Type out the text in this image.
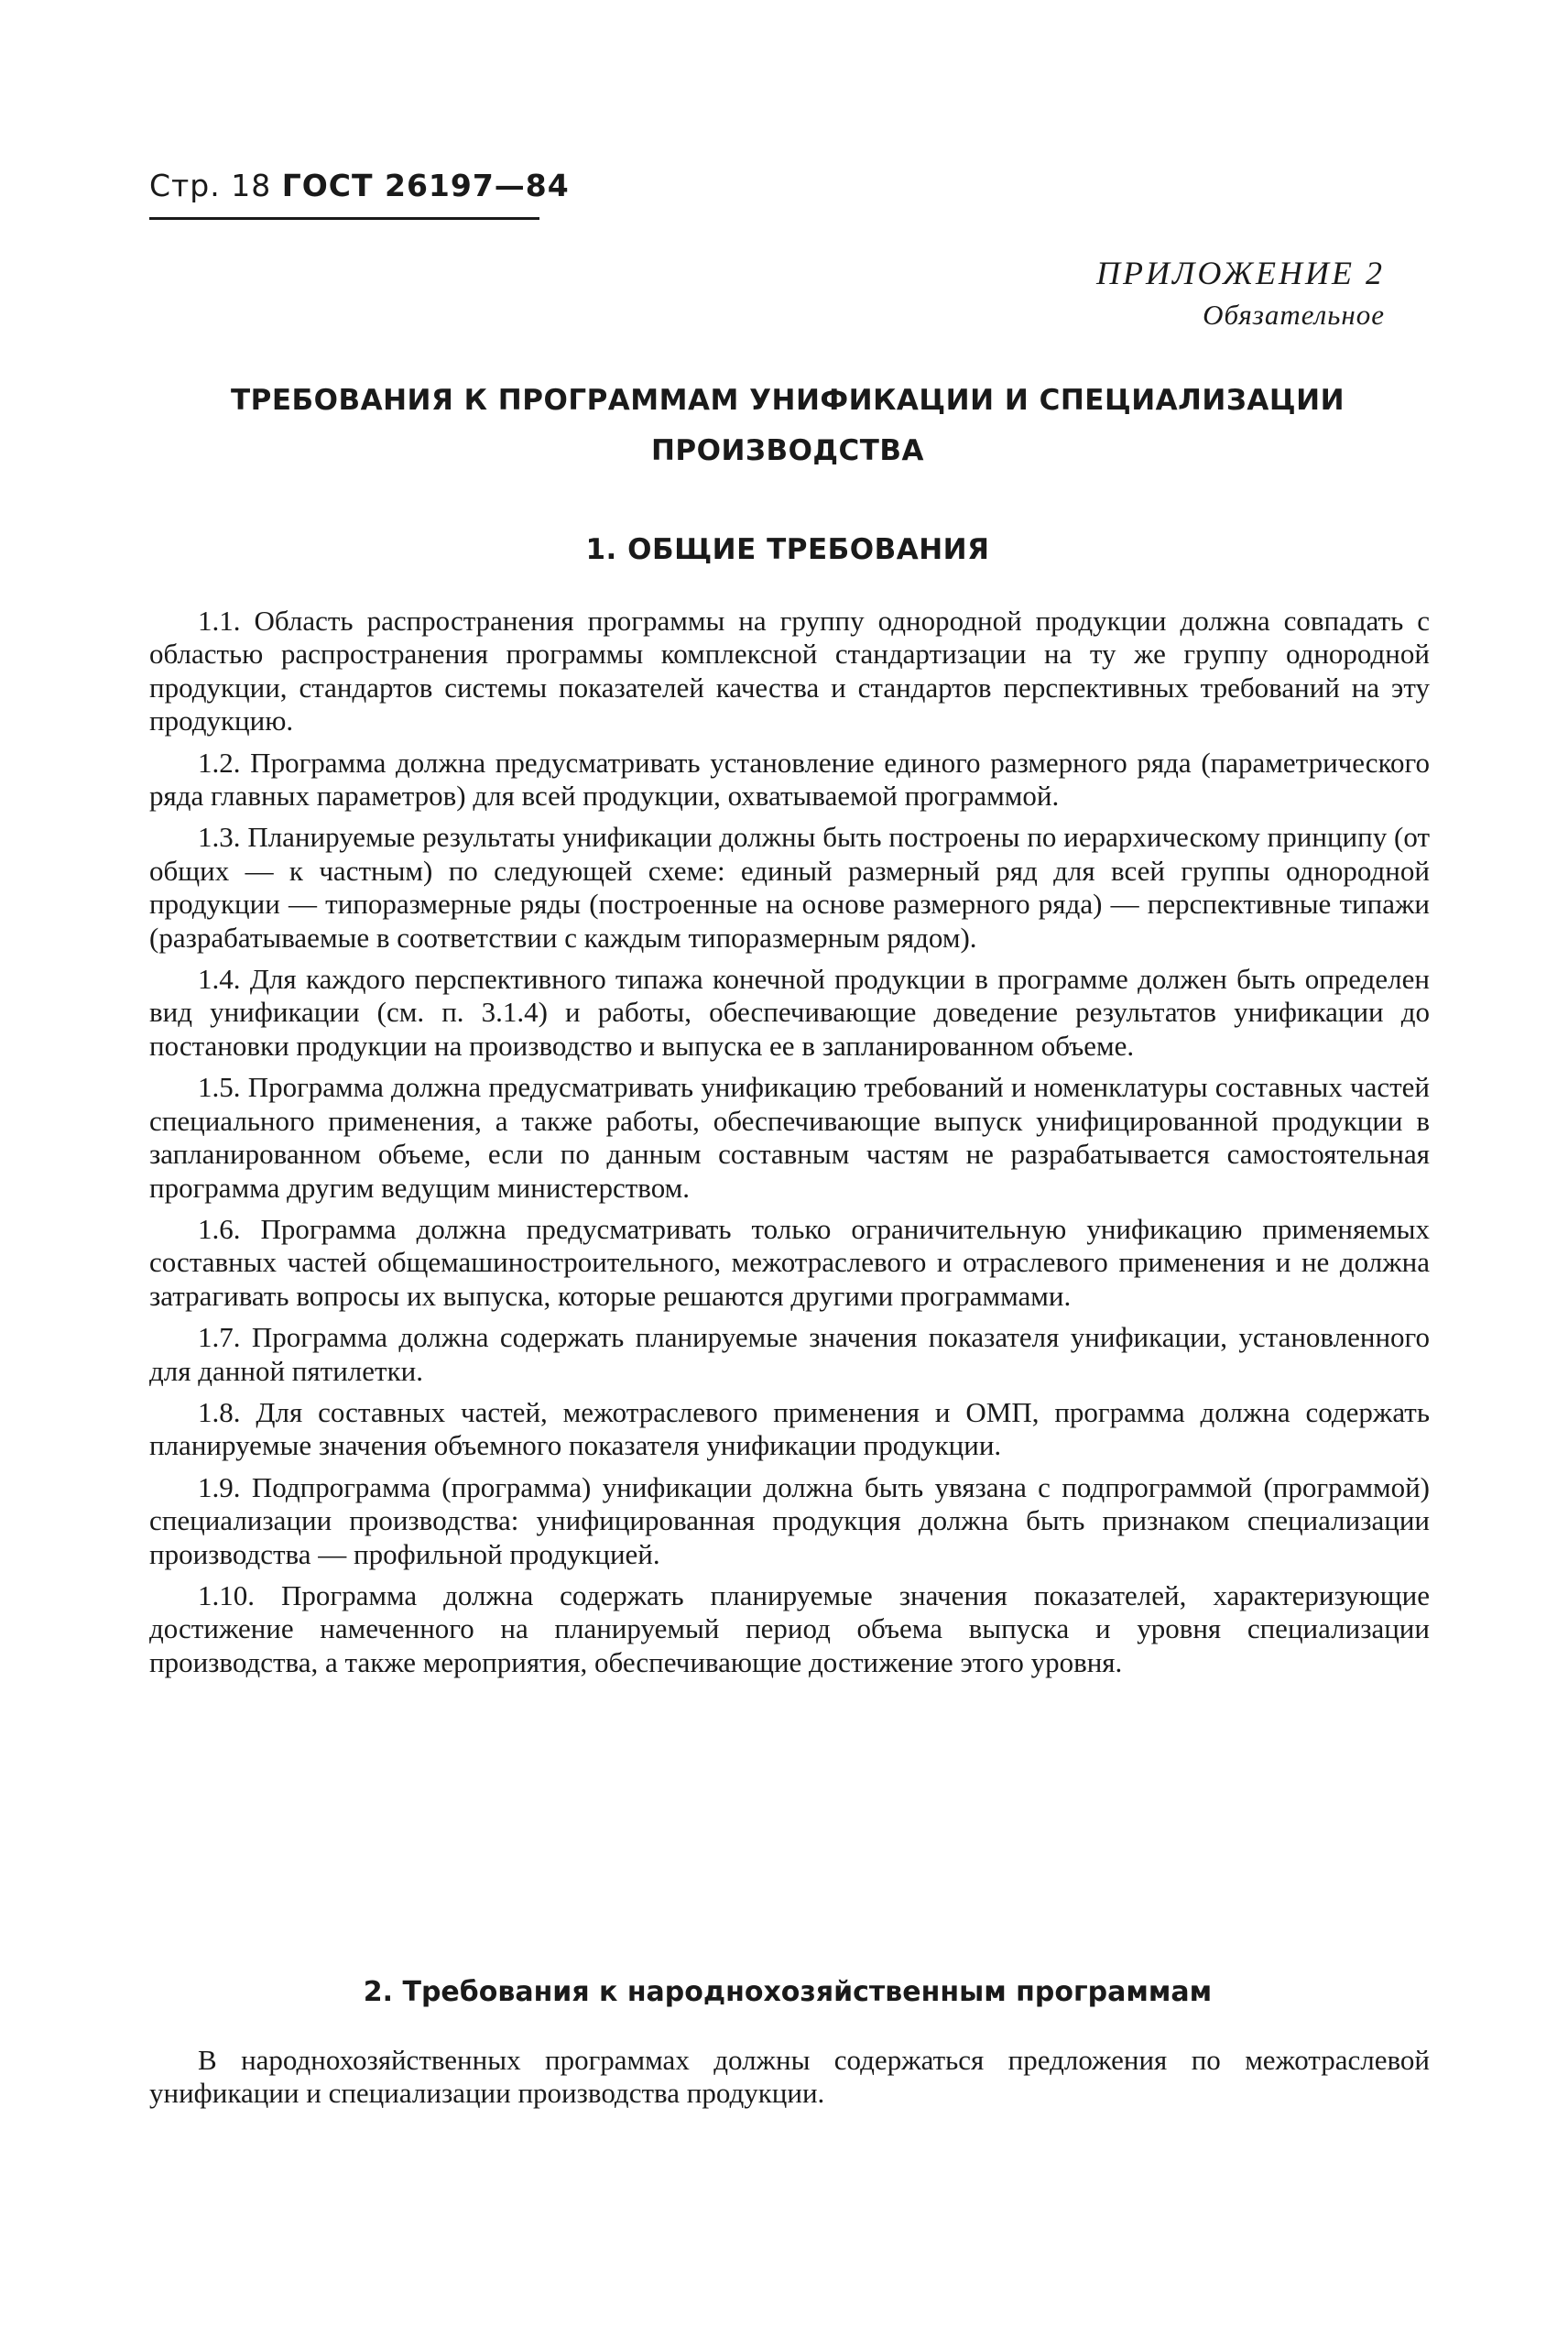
Стр. 18 ГОСТ 26197—84
ПРИЛОЖЕНИЕ 2
Обязательное
ТРЕБОВАНИЯ К ПРОГРАММАМ УНИФИКАЦИИ И СПЕЦИАЛИЗАЦИИ
ПРОИЗВОДСТВА
1. ОБЩИЕ ТРЕБОВАНИЯ

1.1. Область распространения программы на группу однородной продукции должна совпадать с областью распространения программы комплексной стандартизации на ту же группу однородной продукции, стандартов системы показателей качества и стандартов перспективных требований на эту продукцию.

1.2. Программа должна предусматривать установление единого размерного ряда (параметрического ряда главных параметров) для всей продукции, охватываемой программой.

1.3. Планируемые результаты унификации должны быть построены по иерархическому принципу (от общих — к частным) по следующей схеме: единый размерный ряд для всей группы однородной продукции — типоразмерные ряды (построенные на основе размерного ряда) — перспективные типажи (разрабатываемые в соответствии с каждым типоразмерным рядом).

1.4. Для каждого перспективного типажа конечной продукции в программе должен быть определен вид унификации (см. п. 3.1.4) и работы, обеспечивающие доведение результатов унификации до постановки продукции на производство и выпуска ее в запланированном объеме.

1.5. Программа должна предусматривать унификацию требований и номенклатуры составных частей специального применения, а также работы, обеспечивающие выпуск унифицированной продукции в запланированном объеме, если по данным составным частям не разрабатывается самостоятельная программа другим ведущим министерством.

1.6. Программа должна предусматривать только ограничительную унификацию применяемых составных частей общемашиностроительного, межотраслевого и отраслевого применения и не должна затрагивать вопросы их выпуска, которые решаются другими программами.

1.7. Программа должна содержать планируемые значения показателя унификации, установленного для данной пятилетки.

1.8. Для составных частей, межотраслевого применения и ОМП, программа должна содержать планируемые значения объемного показателя унификации продукции.

1.9. Подпрограмма (программа) унификации должна быть увязана с подпрограммой (программой) специализации производства: унифицированная продукция должна быть признаком специализации производства — профильной продукцией.

1.10. Программа должна содержать планируемые значения показателей, характеризующие достижение намеченного на планируемый период объема выпуска и уровня специализации производства, а также мероприятия, обеспечивающие достижение этого уровня.

2. Требования к народнохозяйственным программам

В народнохозяйственных программах должны содержаться предложения по межотраслевой унификации и специализации производства продукции.
